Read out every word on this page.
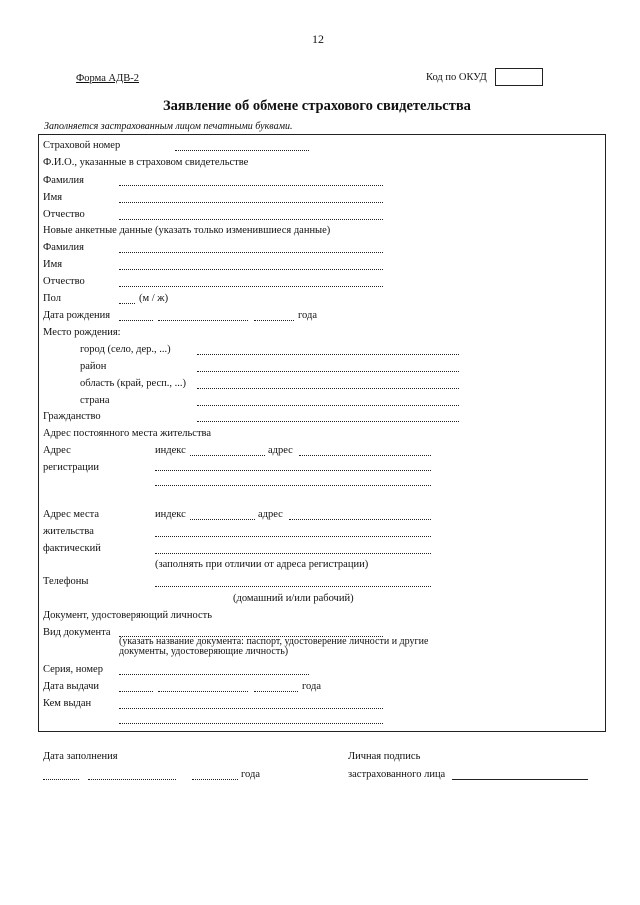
12
Форма АДВ-2	Код по ОКУД
Заявление об обмене страхового свидетельства
Заполняется застрахованным лицом печатными буквами.
Страховой номер
Ф.И.О., указанные в страховом свидетельстве
Фамилия
Имя
Отчество
Новые анкетные данные (указать только изменившиеся данные)
Фамилия
Имя
Отчество
Пол	(м / ж)
Дата рождения	года
Место рождения:
город (село, дер., ...)
район
область (край, респ., ...)
страна
Гражданство
Адрес постоянного места жительства
Адрес
регистрации
индекс	адрес
Адрес места
жительства
фактический
индекс	адрес
(заполнять при отличии от адреса регистрации)
Телефоны
(домашний и/или рабочий)
Документ, удостоверяющий личность
Вид документа
(указать название документа: паспорт, удостоверение личности и другие
документы, удостоверяющие личность)
Серия, номер
Дата выдачи	года
Кем выдан
Дата заполнения
года
Личная подпись
застрахованного лица
